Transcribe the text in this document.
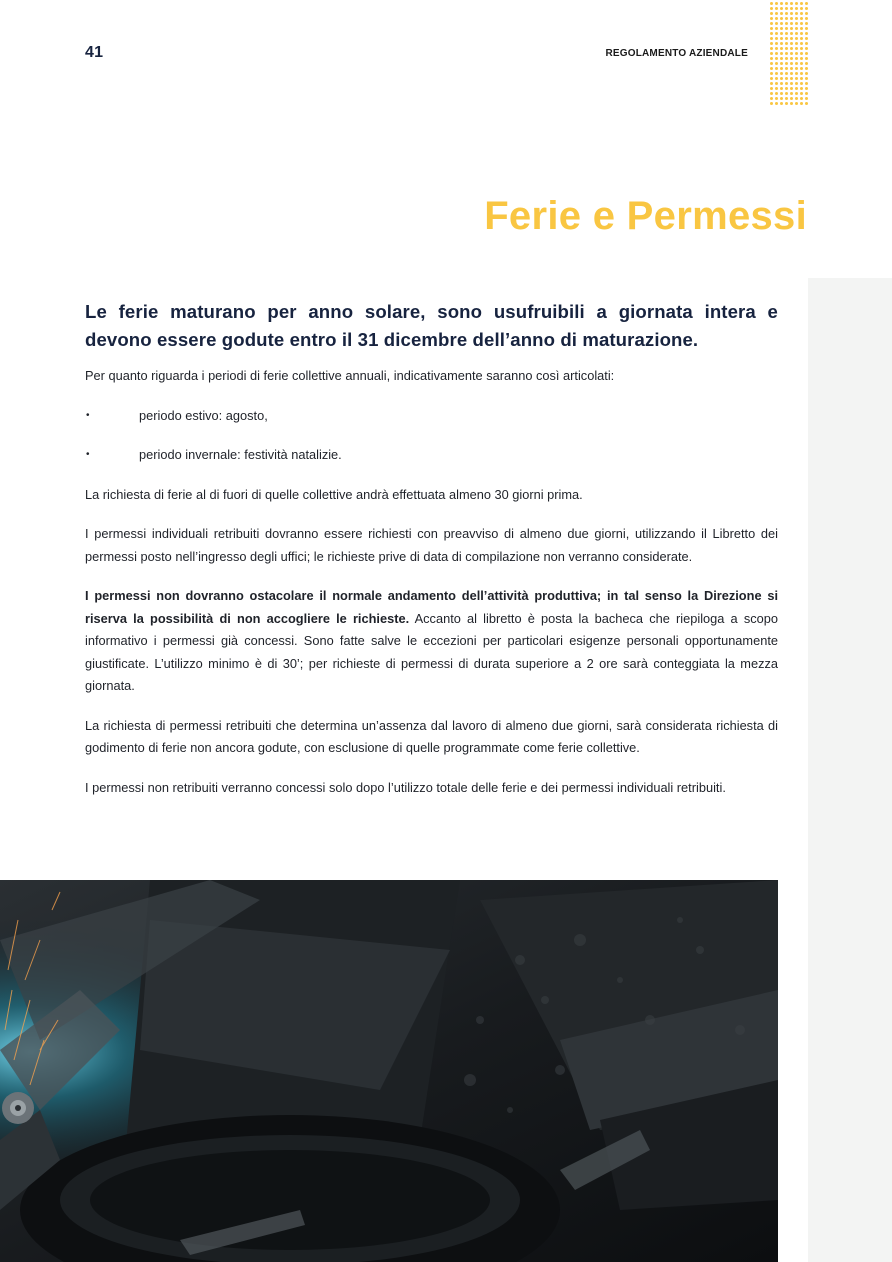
41	REGOLAMENTO AZIENDALE
Ferie e Permessi

Le ferie maturano per anno solare, sono usufruibili a giornata intera e devono essere godute entro il 31 dicembre dell’anno di maturazione.

Per quanto riguarda i periodi di ferie collettive annuali, indicativamente saranno così articolati:

•	periodo estivo: agosto,
•	periodo invernale: festività natalizie.

La richiesta di ferie al di fuori di quelle collettive andrà effettuata almeno 30 giorni prima.

I permessi individuali retribuiti dovranno essere richiesti con preavviso di almeno due giorni, utilizzando il Libretto dei permessi posto nell’ingresso degli uffici; le richieste prive di data di compilazione non verranno considerate.

I permessi non dovranno ostacolare il normale andamento dell’attività produttiva; in tal senso la Direzione si riserva la possibilità di non accogliere le richieste. Accanto al libretto è posta la bacheca che riepiloga a scopo informativo i permessi già concessi. Sono fatte salve le eccezioni per particolari esigenze personali opportunamente giustificate. L’utilizzo minimo è di 30’; per richieste di permessi di durata superiore a 2 ore sarà conteggiata la mezza giornata.

La richiesta di permessi retribuiti che determina un’assenza dal lavoro di almeno due giorni, sarà considerata richiesta di godimento di ferie non ancora godute, con esclusione di quelle programmate come ferie collettive.

I permessi non retribuiti verranno concessi solo dopo l’utilizzo totale delle ferie e dei permessi individuali retribuiti.
